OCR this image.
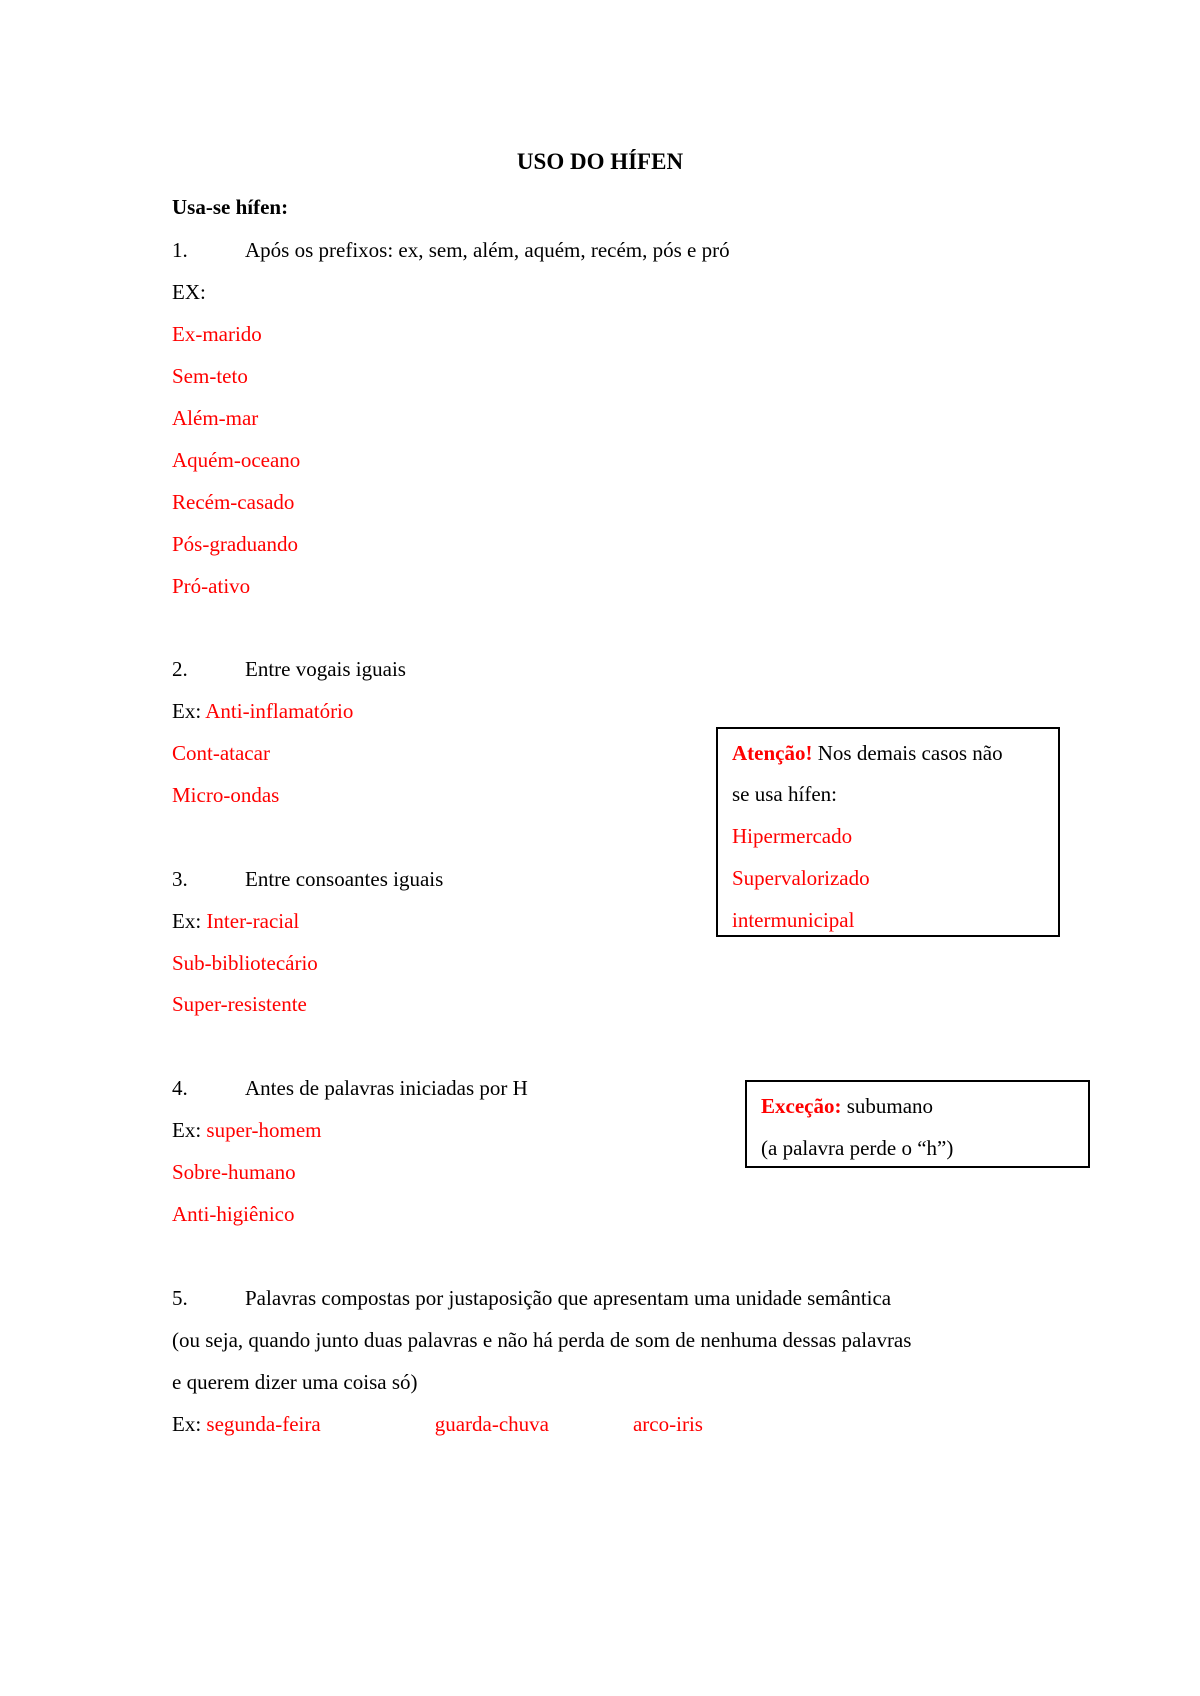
USO DO HÍFEN
Usa-se hífen:
1.	Após os prefixos: ex, sem, além, aquém, recém, pós e pró
EX:
Ex-marido
Sem-teto
Além-mar
Aquém-oceano
Recém-casado
Pós-graduando
Pró-ativo
2.	Entre vogais iguais
Ex: Anti-inflamatório
Cont-atacar
Micro-ondas
3.	Entre consoantes iguais
Ex: Inter-racial
Sub-bibliotecário
Super-resistente
4.	Antes de palavras iniciadas por H
Ex: super-homem
Sobre-humano
Anti-higiênico
5.	Palavras compostas por justaposição que apresentam uma unidade semântica
(ou seja, quando junto duas palavras e não há perda de som de nenhuma dessas palavras
e querem dizer uma coisa só)
Ex: segunda-feira	guarda-chuva	arco-iris
Atenção! Nos demais casos não
se usa hífen:
Hipermercado
Supervalorizado
intermunicipal
Exceção: subumano
(a palavra perde o “h”)
